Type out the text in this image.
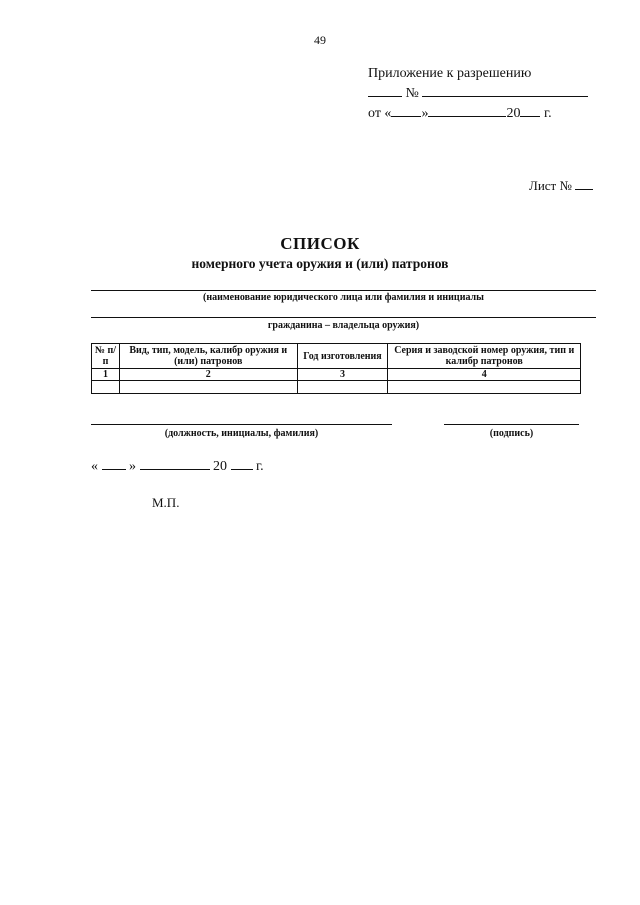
49
Приложение к разрешению
№
от « »	20 г.
Лист №
СПИСОК
номерного учета оружия и (или) патронов
(наименование юридического лица или фамилия и инициалы
гражданина – владельца оружия)
№ п/п	Вид, тип, модель, калибр оружия и (или) патронов	Год изготовления	Серия и заводской номер оружия, тип и калибр патронов
1	2	3	4

(должность, инициалы, фамилия)	(подпись)
« »	20 г.
М.П.
